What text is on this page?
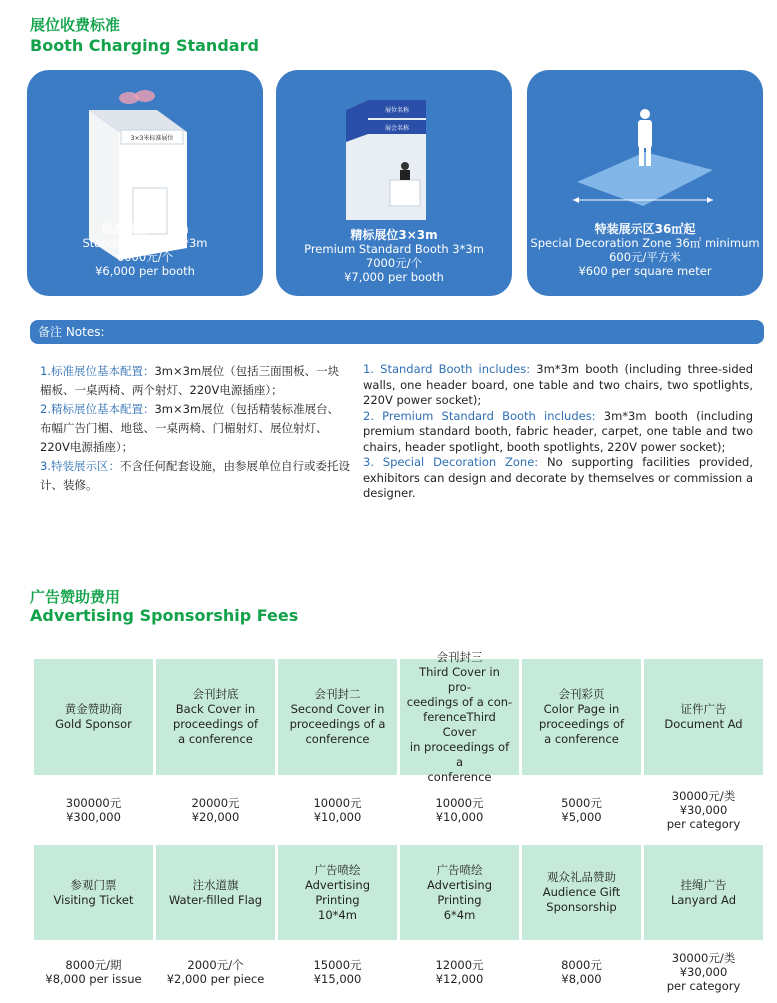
展位收费标准
Booth Charging Standard
3×3米标准展位
标准展位3×3m
Standard Booth 3*3m
6000元/个
¥6,000 per booth
展位名称
展会名称
精标展位3×3m
Premium Standard Booth 3*3m
7000元/个
¥7,000 per booth
特装展示区36㎡起
Special Decoration Zone 36㎡ minimum
600元/平方米
¥600 per square meter
备注 Notes:

1.标准展位基本配置：3m×3m展位（包括三面围板、一块楣板、一桌两椅、两个射灯、220V电源插座）；

2.精标展位基本配置：3m×3m展位（包括精装标准展台、布幅广告门楣、地毯、一桌两椅、门楣射灯、展位射灯、220V电源插座）；

3.特装展示区：不含任何配套设施，由参展单位自行或委托设计、装修。

1. Standard Booth includes: 3m*3m booth (including three-sided walls, one header board, one table and two chairs, two spotlights, 220V power socket);

2. Premium Standard Booth includes: 3m*3m booth (including premium standard booth, fabric header, carpet, one table and two chairs, header spotlight, booth spotlights, 220V power socket);

3. Special Decoration Zone: No supporting facilities provided, exhibitors can design and decorate by themselves or commission a designer.

广告赞助费用
Advertising Sponsorship Fees
黄金赞助商
Gold Sponsor
会刊封底
Back Cover in
proceedings of
a conference
会刊封二
Second Cover in
proceedings of a
conference
会刊封三
Third Cover in pro-
ceedings of a con-
ferenceThird Cover
in proceedings of a
conference
会刊彩页
Color Page in
proceedings of
a conference
证件广告
Document Ad
300000元
¥300,000
20000元
¥20,000
10000元
¥10,000
10000元
¥10,000
5000元
¥5,000
30000元/类
¥30,000
per category
参观门票
Visiting Ticket
注水道旗
Water-filled Flag
广告喷绘
Advertising
Printing
10*4m
广告喷绘
Advertising
Printing
6*4m
观众礼品赞助
Audience Gift
Sponsorship
挂绳广告
Lanyard Ad
8000元/期
¥8,000 per issue
2000元/个
¥2,000 per piece
15000元
¥15,000
12000元
¥12,000
8000元
¥8,000
30000元/类
¥30,000
per category
